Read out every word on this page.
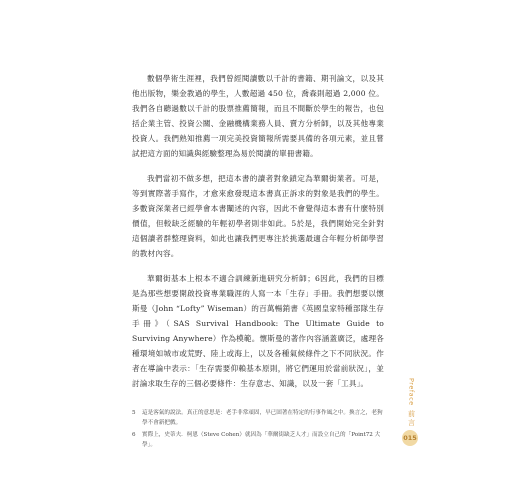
數個學術生涯裡，我們曾經閱讀數以千計的書籍、期刊論文，以及其他出版物，樂金教過的學生，人數超過 450 位，喬森則超過 2,000 位。我們各自聽過數以千計的股票推薦簡報，而且不間斷於學生的報告，也包括企業主管、投資公關、金融機構業務人員、賣方分析師，以及其他專業投資人。我們熟知推薦一項完美投資簡報所需要具備的各項元素，並且嘗試把這方面的知識與經驗整理為易於閱讀的單冊書籍。

我們當初不做多想，把這本書的讀者對象鎖定為華爾街業者。可是，等到實際著手寫作，才愈來愈發現這本書真正訴求的對象是我們的學生。多數資深業者已經學會本書闡述的內容，因此不會覺得這本書有什麼特別價值，但較缺乏經驗的年輕初學者則非如此。5於是，我們開始完全針對這個讀者群整理資料，如此也讓我們更專注於挑選最適合年輕分析師學習的教材內容。

華爾街基本上根本不適合訓練新進研究分析師；6因此，我們的目標是為那些想要開啟投資專業職涯的人寫一本「生存」手冊。我們想要以懷斯曼（John “Lofty” Wiseman）的百萬暢銷書《英國皇家特種部隊生存手冊》（SAS Survival Handbook: The Ultimate Guide to Surviving Anywhere）作為模範。懷斯曼的著作內容涵蓋廣泛，處理各種環境如城市或荒野、陸上或海上，以及各種氣候條件之下不同狀況。作者在導論中表示：「生存需要仰賴基本原則，將它們運用於當前狀況」，並討論求取生存的三個必要條件：生存意志、知識，以及一套「工具」。

5	這是客氣的說法。真正的意思是：老手非常頑固，早已固著在特定的行事作風之中。換言之，老狗學不會新把戲。
6	實際上，史蒂夫．柯恩（Steve Cohen）就因為「華爾街缺乏人才」而設立自己的「Point72 大學」。
Preface
前言
015
